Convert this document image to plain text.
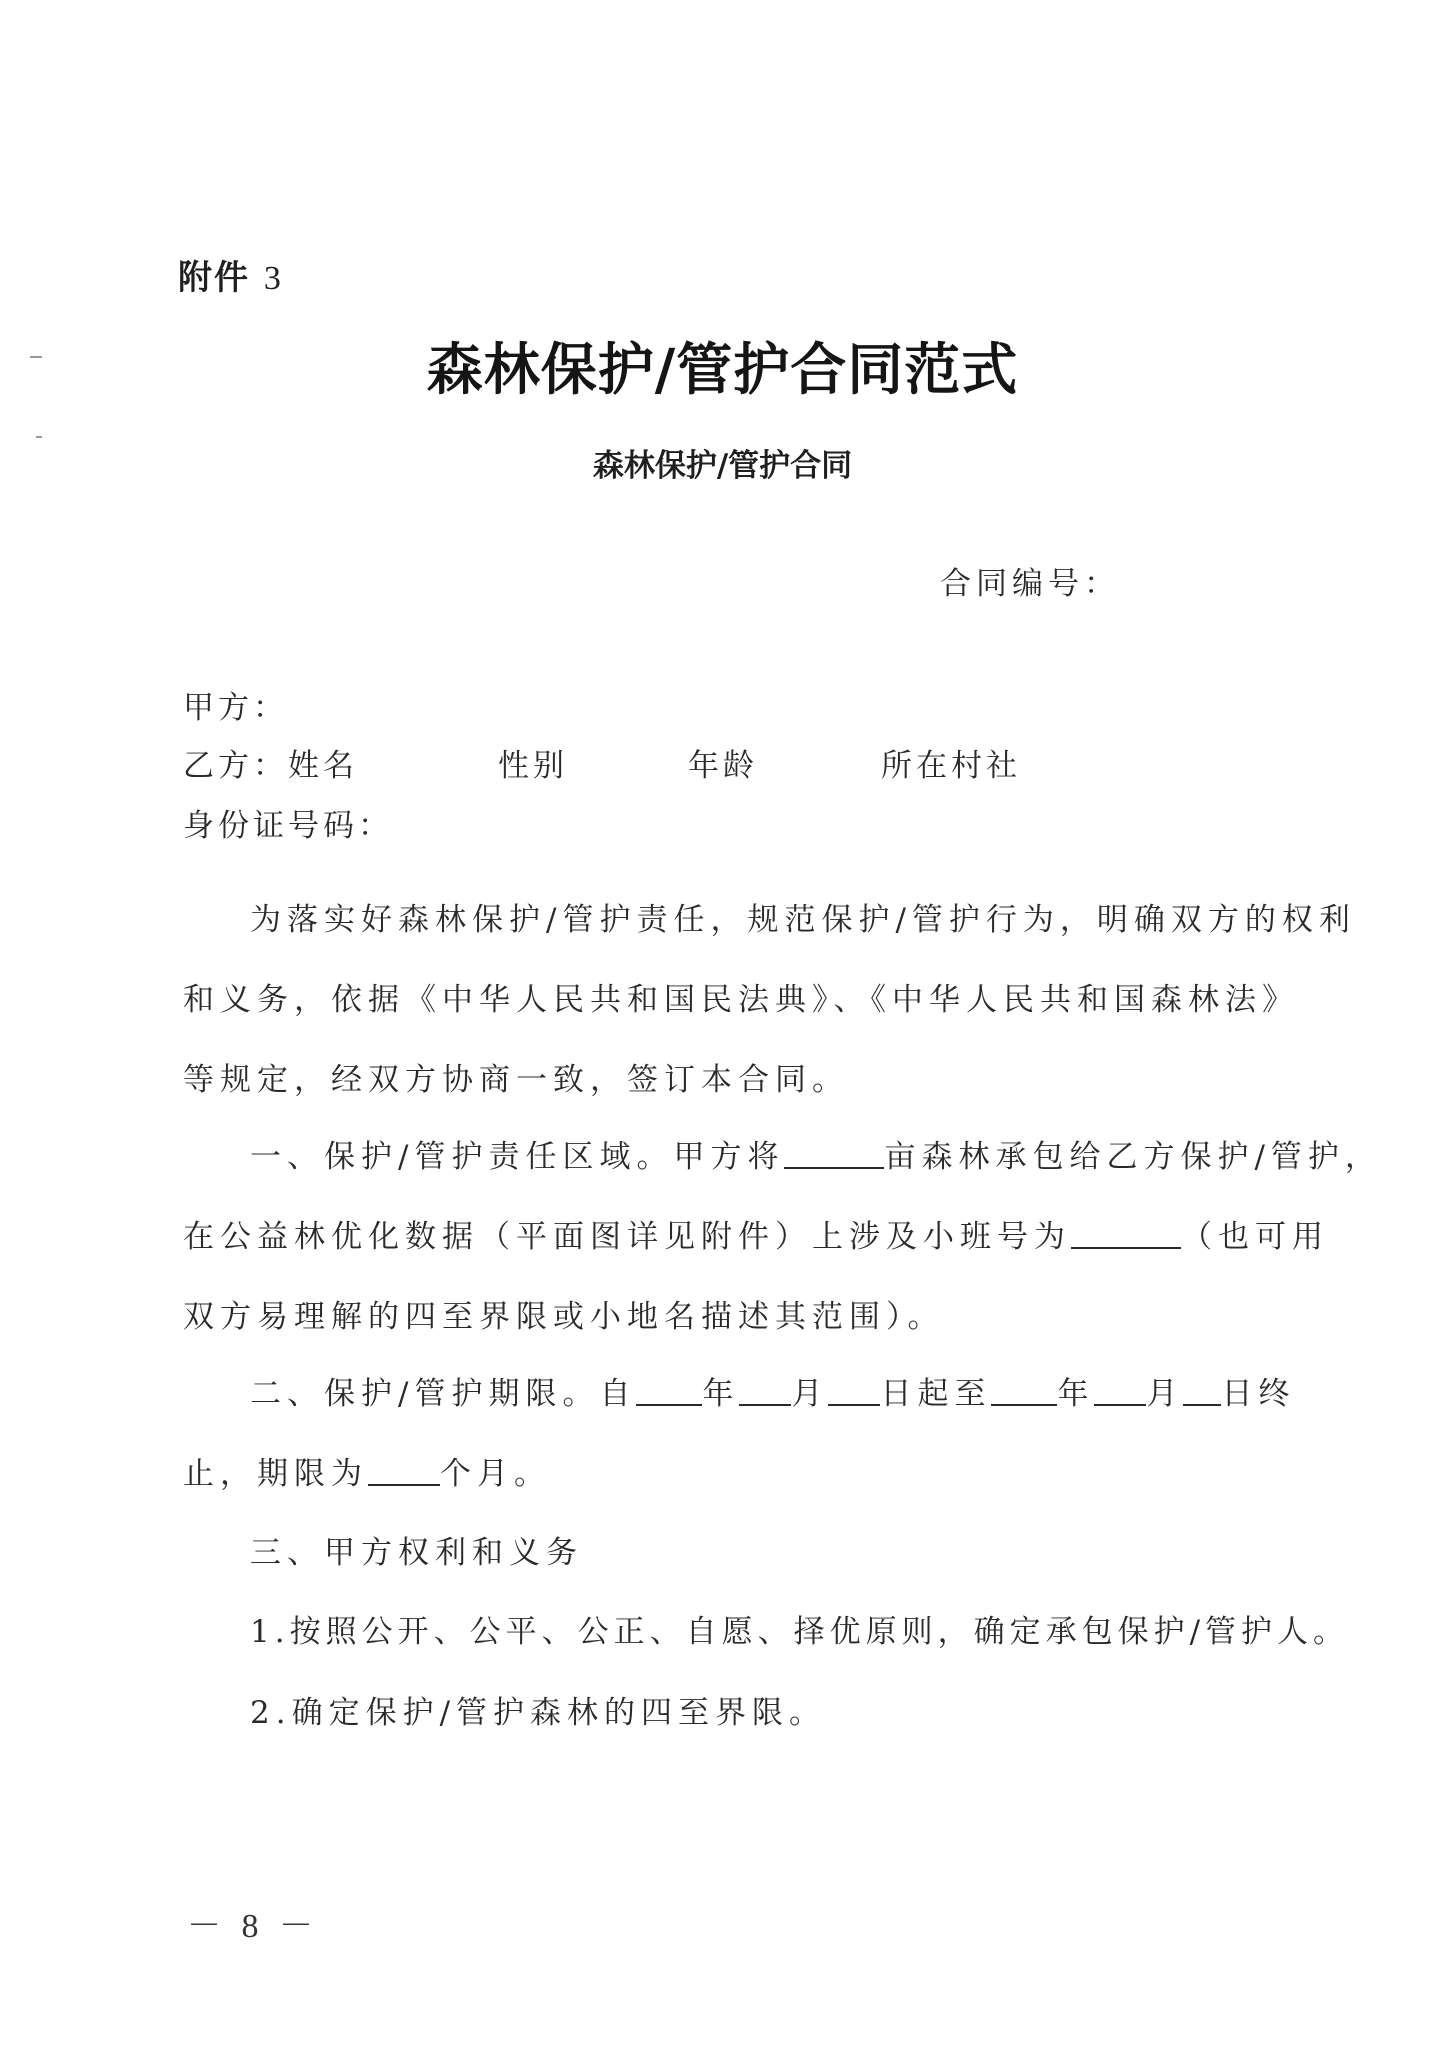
附件 3
森林保护/管护合同范式
森林保护/管护合同
合同编号：
甲方：
乙方：姓名	性别	年龄	所在村社
身份证号码：
为落实好森林保护/管护责任，规范保护/管护行为，明确双方的权利
和义务，依据《中华人民共和国民法典》、《中华人民共和国森林法》
等规定，经双方协商一致，签订本合同。
一、保护/管护责任区域。甲方将	亩森林承包给乙方保护/管护，
在公益林优化数据（平面图详见附件）上涉及小班号为	（也可用
双方易理解的四至界限或小地名描述其范围）。
二、保护/管护期限。自 年 月 日起至 年 月 日终
止，期限为 个月。
三、甲方权利和义务
1.按照公开、公平、公正、自愿、择优原则，确定承包保护/管护人。
2.确定保护/管护森林的四至界限。
－ 8 －
